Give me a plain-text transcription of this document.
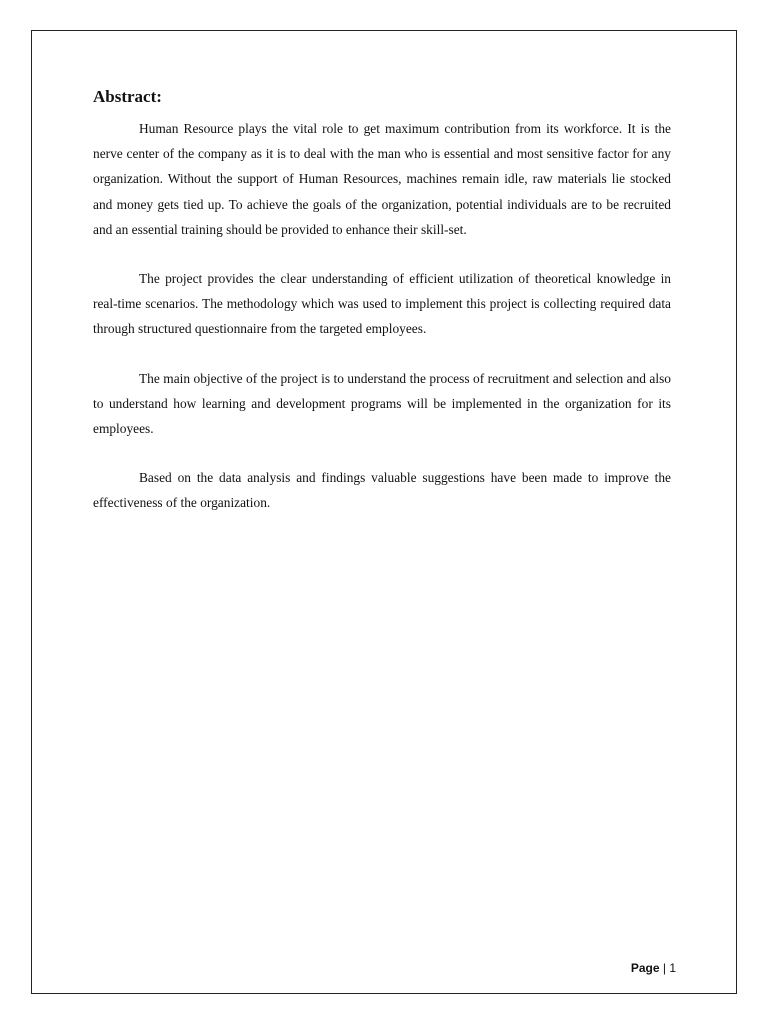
Abstract:

Human Resource plays the vital role to get maximum contribution from its workforce. It is the nerve center of the company as it is to deal with the man who is essential and most sensitive factor for any organization. Without the support of Human Resources, machines remain idle, raw materials lie stocked and money gets tied up. To achieve the goals of the organization, potential individuals are to be recruited and an essential training should be provided to enhance their skill-set.

The project provides the clear understanding of efficient utilization of theoretical knowledge in real-time scenarios. The methodology which was used to implement this project is collecting required data through structured questionnaire from the targeted employees.

The main objective of the project is to understand the process of recruitment and selection and also to understand how learning and development programs will be implemented in the organization for its employees.

Based on the data analysis and findings valuable suggestions have been made to improve the effectiveness of the organization.

Page | 1
